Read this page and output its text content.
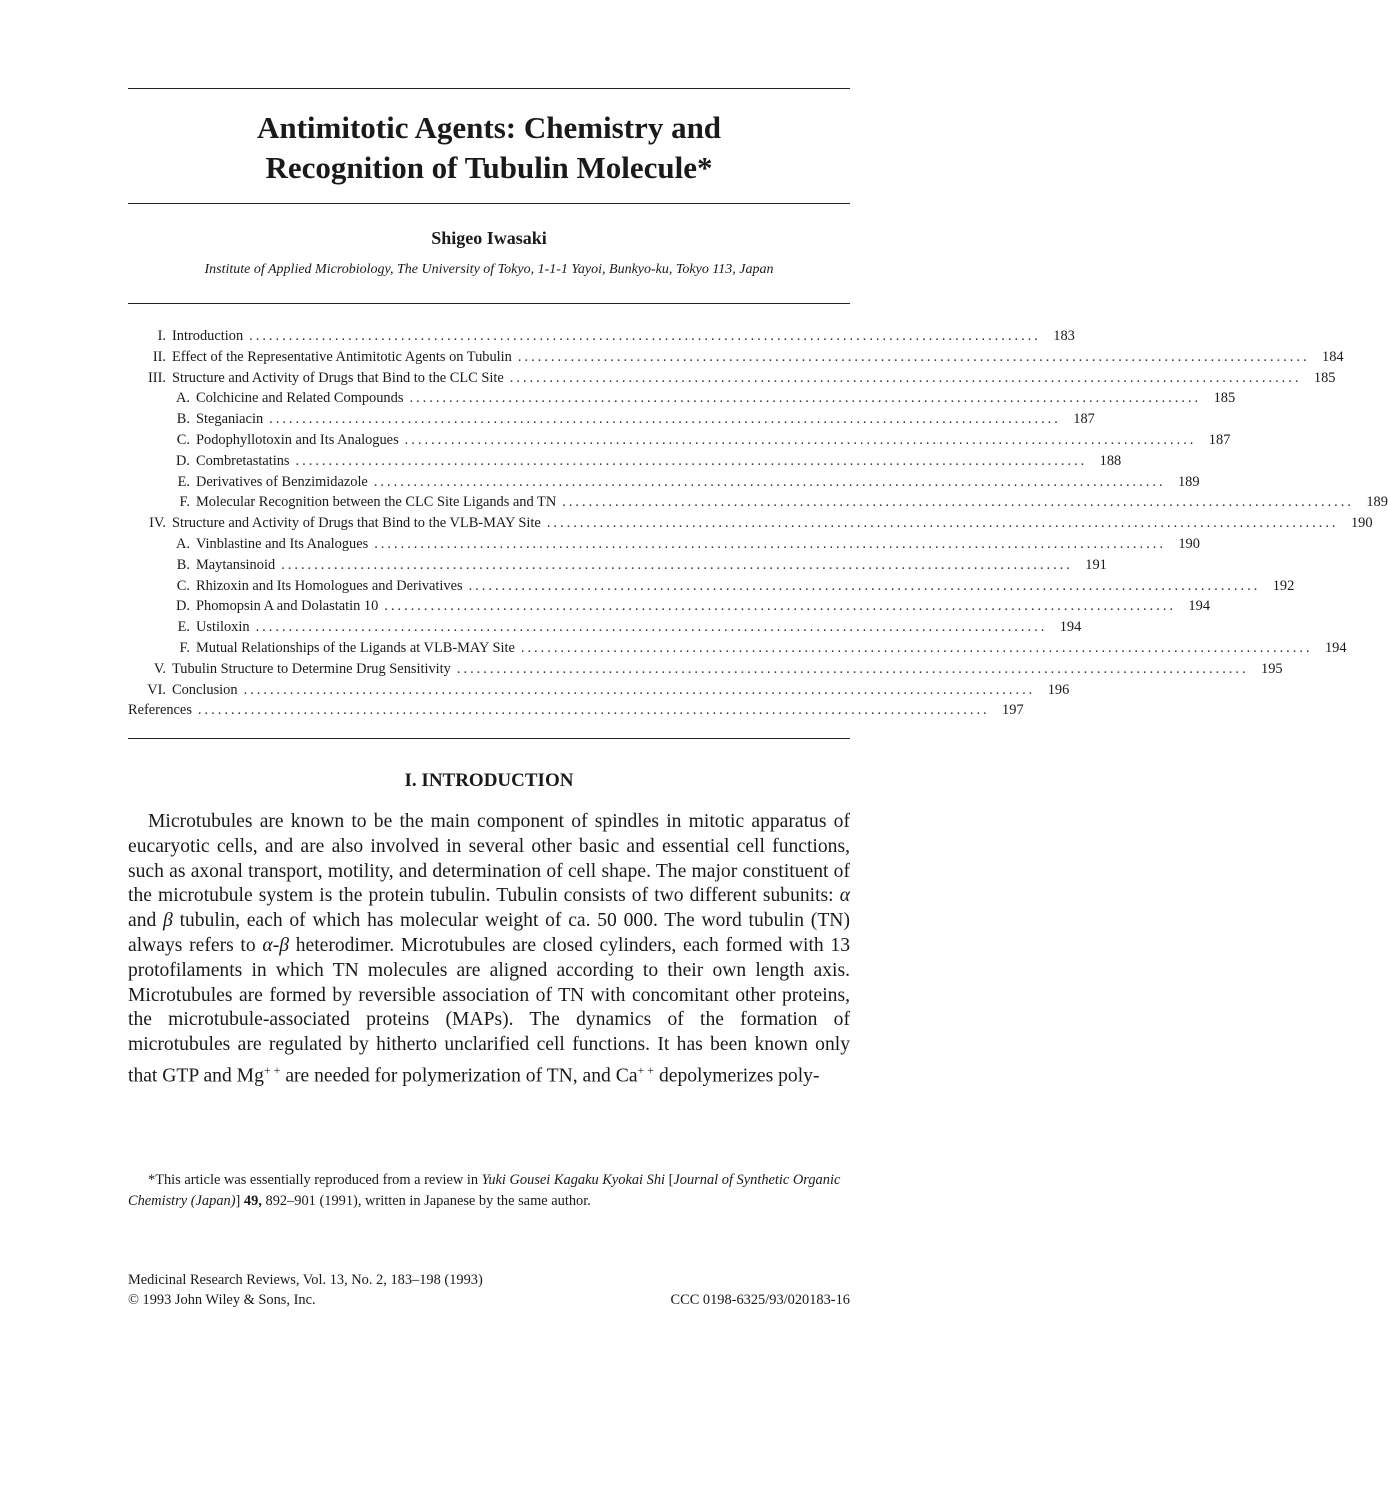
Antimitotic Agents: Chemistry and
Recognition of Tubulin Molecule*
Shigeo Iwasaki
Institute of Applied Microbiology, The University of Tokyo, 1-1-1 Yayoi, Bunkyo-ku, Tokyo 113, Japan
I. Introduction ........................................................................................................................ 183
II. Effect of the Representative Antimitotic Agents on Tubulin ........................................................................................................................ 184
III. Structure and Activity of Drugs that Bind to the CLC Site ........................................................................................................................ 185
A. Colchicine and Related Compounds ........................................................................................................................ 185
B. Steganiacin ........................................................................................................................ 187
C. Podophyllotoxin and Its Analogues ........................................................................................................................ 187
D. Combretastatins ........................................................................................................................ 188
E. Derivatives of Benzimidazole ........................................................................................................................ 189
F. Molecular Recognition between the CLC Site Ligands and TN ........................................................................................................................ 189
IV. Structure and Activity of Drugs that Bind to the VLB-MAY Site ........................................................................................................................ 190
A. Vinblastine and Its Analogues ........................................................................................................................ 190
B. Maytansinoid ........................................................................................................................ 191
C. Rhizoxin and Its Homologues and Derivatives ........................................................................................................................ 192
D. Phomopsin A and Dolastatin 10 ........................................................................................................................ 194
E. Ustiloxin ........................................................................................................................ 194
F. Mutual Relationships of the Ligands at VLB-MAY Site ........................................................................................................................ 194
V. Tubulin Structure to Determine Drug Sensitivity ........................................................................................................................ 195
VI. Conclusion ........................................................................................................................ 196
References ........................................................................................................................ 197
I. INTRODUCTION

Microtubules are known to be the main component of spindles in mitotic apparatus of eucaryotic cells, and are also involved in several other basic and essential cell functions, such as axonal transport, motility, and determination of cell shape. The major constituent of the microtubule system is the protein tubulin. Tubulin consists of two different subunits: α and β tubulin, each of which has molecular weight of ca. 50 000. The word tubulin (TN) always refers to α-β heterodimer. Microtubules are closed cylinders, each formed with 13 protofilaments in which TN molecules are aligned according to their own length axis. Microtubules are formed by reversible association of TN with concomitant other proteins, the microtubule-associated proteins (MAPs). The dynamics of the formation of microtubules are regulated by hitherto unclarified cell functions. It has been known only that GTP and Mg+ + are needed for polymerization of TN, and Ca+ + depolymerizes poly-

*This article was essentially reproduced from a review in Yuki Gousei Kagaku Kyokai Shi [Journal of Synthetic Organic Chemistry (Japan)] 49, 892–901 (1991), written in Japanese by the same author.

Medicinal Research Reviews, Vol. 13, No. 2, 183–198 (1993)
© 1993 John Wiley & Sons, Inc.	CCC 0198-6325/93/020183-16
